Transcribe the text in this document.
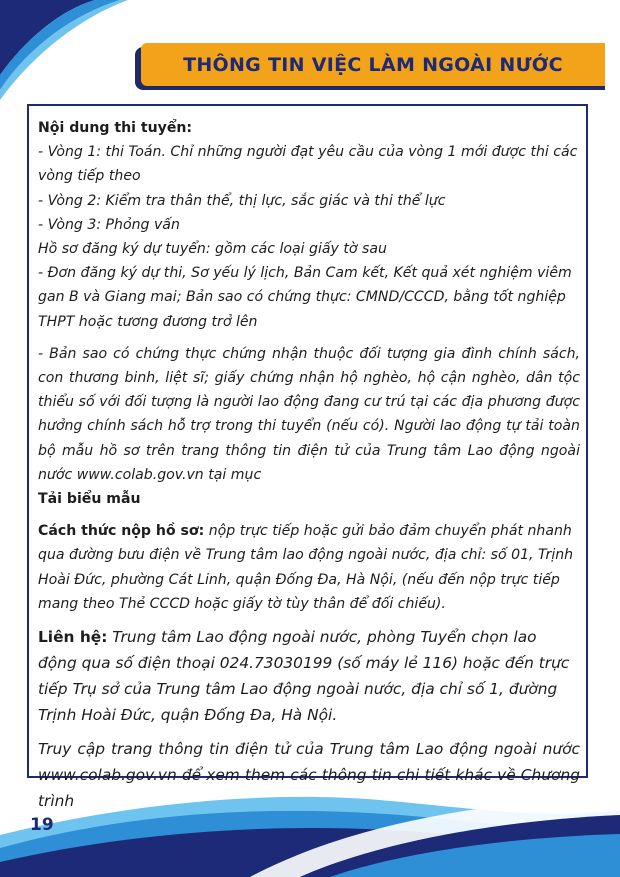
THÔNG TIN VIỆC LÀM NGOÀI NƯỚC

Nội dung thi tuyển:

- Vòng 1: thi Toán. Chỉ những người đạt yêu cầu của vòng 1 mới được thi các vòng tiếp theo

- Vòng 2: Kiểm tra thân thể, thị lực, sắc giác và thi thể lực

- Vòng 3: Phỏng vấn

Hồ sơ đăng ký dự tuyển: gồm các loại giấy tờ sau

- Đơn đăng ký dự thi, Sơ yếu lý lịch, Bản Cam kết, Kết quả xét nghiệm viêm gan B và Giang mai; Bản sao có chứng thực: CMND/CCCD, bằng tốt nghiệp THPT hoặc tương đương trở lên

- Bản sao có chứng thực chứng nhận thuộc đối tượng gia đình chính sách, con thương binh, liệt sĩ; giấy chứng nhận hộ nghèo, hộ cận nghèo, dân tộc thiểu số với đối tượng là người lao động đang cư trú tại các địa phương được hưởng chính sách hỗ trợ trong thi tuyển (nếu có). Người lao động tự tải toàn bộ mẫu hồ sơ trên trang thông tin điện tử của Trung tâm Lao động ngoài nước www.colab.gov.vn tại mục

Tải biểu mẫu

Cách thức nộp hồ sơ: nộp trực tiếp hoặc gửi bảo đảm chuyển phát nhanh qua đường bưu điện về Trung tâm lao động ngoài nước, địa chỉ: số 01, Trịnh Hoài Đức, phường Cát Linh, quận Đống Đa, Hà Nội, (nếu đến nộp trực tiếp mang theo Thẻ CCCD hoặc giấy tờ tùy thân để đối chiếu).

Liên hệ: Trung tâm Lao động ngoài nước, phòng Tuyển chọn lao động qua số điện thoại 024.73030199 (số máy lẻ 116) hoặc đến trực tiếp Trụ sở của Trung tâm Lao động ngoài nước, địa chỉ số 1, đường Trịnh Hoài Đức, quận Đống Đa, Hà Nội.

Truy cập trang thông tin điện tử của Trung tâm Lao động ngoài nước www.colab.gov.vn để xem them các thông tin chi tiết khác về Chương trình

19
